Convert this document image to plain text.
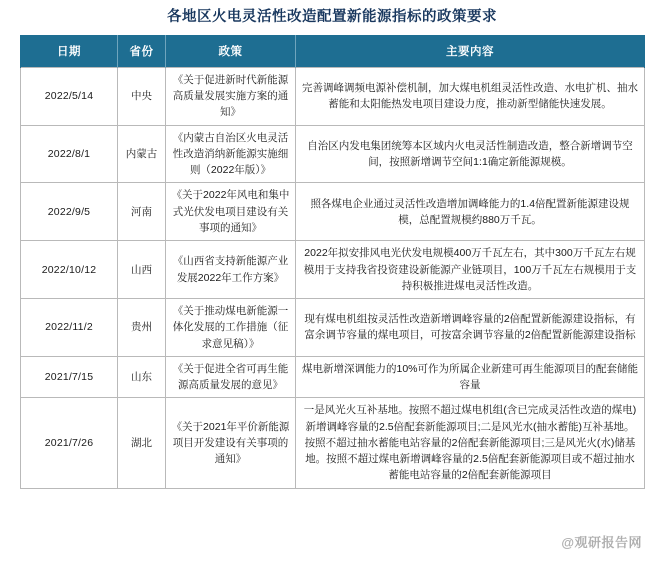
各地区火电灵活性改造配置新能源指标的政策要求
日期	省份	政策	主要内容
2022/5/14	中央	《关于促进新时代新能源高质量发展实施方案的通知》	完善调峰调频电源补偿机制，加大煤电机组灵活性改造、水电扩机、抽水蓄能和太阳能热发电项目建设力度，推动新型储能快速发展。
2022/8/1	内蒙古	《内蒙古自治区火电灵活性改造消纳新能源实施细则（2022年版）》	自治区内发电集团统筹本区域内火电灵活性制造改造，整合新增调节空间，按照新增调节空间1:1确定新能源规模。
2022/9/5	河南	《关于2022年风电和集中式光伏发电项目建设有关事项的通知》	照各煤电企业通过灵活性改造增加调峰能力的1.4倍配置新能源建设规模，总配置规模约880万千瓦。
2022/10/12	山西	《山西省支持新能源产业发展2022年工作方案》	2022年拟安排风电光伏发电规模400万千瓦左右，其中300万千瓦左右规模用于支持我省投资建设新能源产业链项目，100万千瓦左右规模用于支持积极推进煤电灵活性改造。
2022/11/2	贵州	《关于推动煤电新能源一体化发展的工作措施（征求意见稿）》	现有煤电机组按灵活性改造新增调峰容量的2倍配置新能源建设指标，有富余调节容量的煤电项目，可按富余调节容量的2倍配置新能源建设指标
2021/7/15	山东	《关于促进全省可再生能源高质量发展的意见》	煤电新增深调能力的10%可作为所属企业新建可再生能源项目的配套储能容量
2021/7/26	湖北	《关于2021年平价新能源项目开发建设有关事项的通知》	一是风光火互补基地。按照不超过煤电机组(含已完成灵活性改造的煤电)新增调峰容量的2.5倍配套新能源项目;二是风光水(抽水蓄能)互补基地。按照不超过抽水蓄能电站容量的2倍配套新能源项目;三是风光火(水)储基地。按照不超过煤电新增调峰容量的2.5倍配套新能源项目或不超过抽水蓄能电站容量的2倍配套新能源项目
@观研报告网
